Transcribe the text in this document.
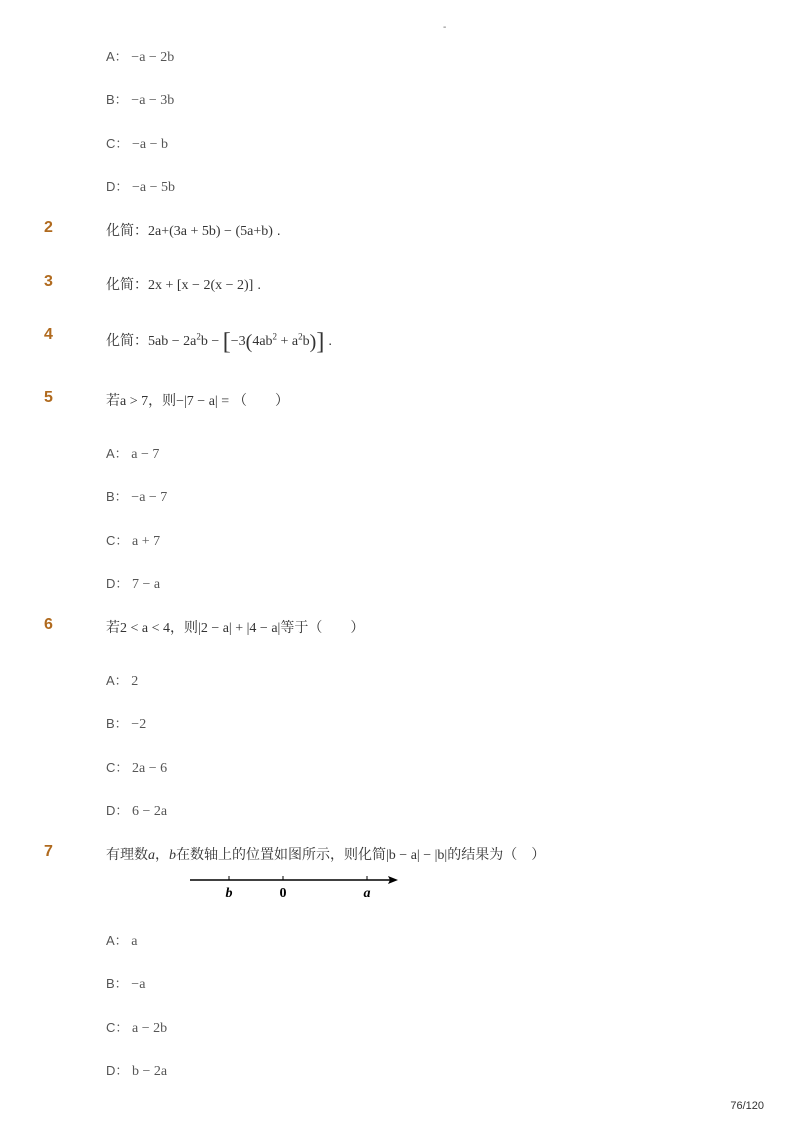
-
A： −a − 2b
B： −a − 3b
C： −a − b
D： −a − 5b
2	化简：2a+(3a + 5b) − (5a+b) .
3	化简：2x + [x − 2(x − 2)] .
4	化简：$5ab - 2a^2b - [-3(4ab^2 + a^2b)]$ .
5	若a > 7，则−|7 − a| = （　　）
A： a − 7
B： −a − 7
C： a + 7
D： 7 − a
6	若2 < a < 4，则|2 − a| + |4 − a|等于（　　）
A： 2
B： −2
C： 2a − 6
D： 6 − 2a
7	有理数a，b在数轴上的位置如图所示，则化简|b − a| − |b|的结果为（　）
b	0	a
A： a
B： −a
C： a − 2b
D： b − 2a
76/120
